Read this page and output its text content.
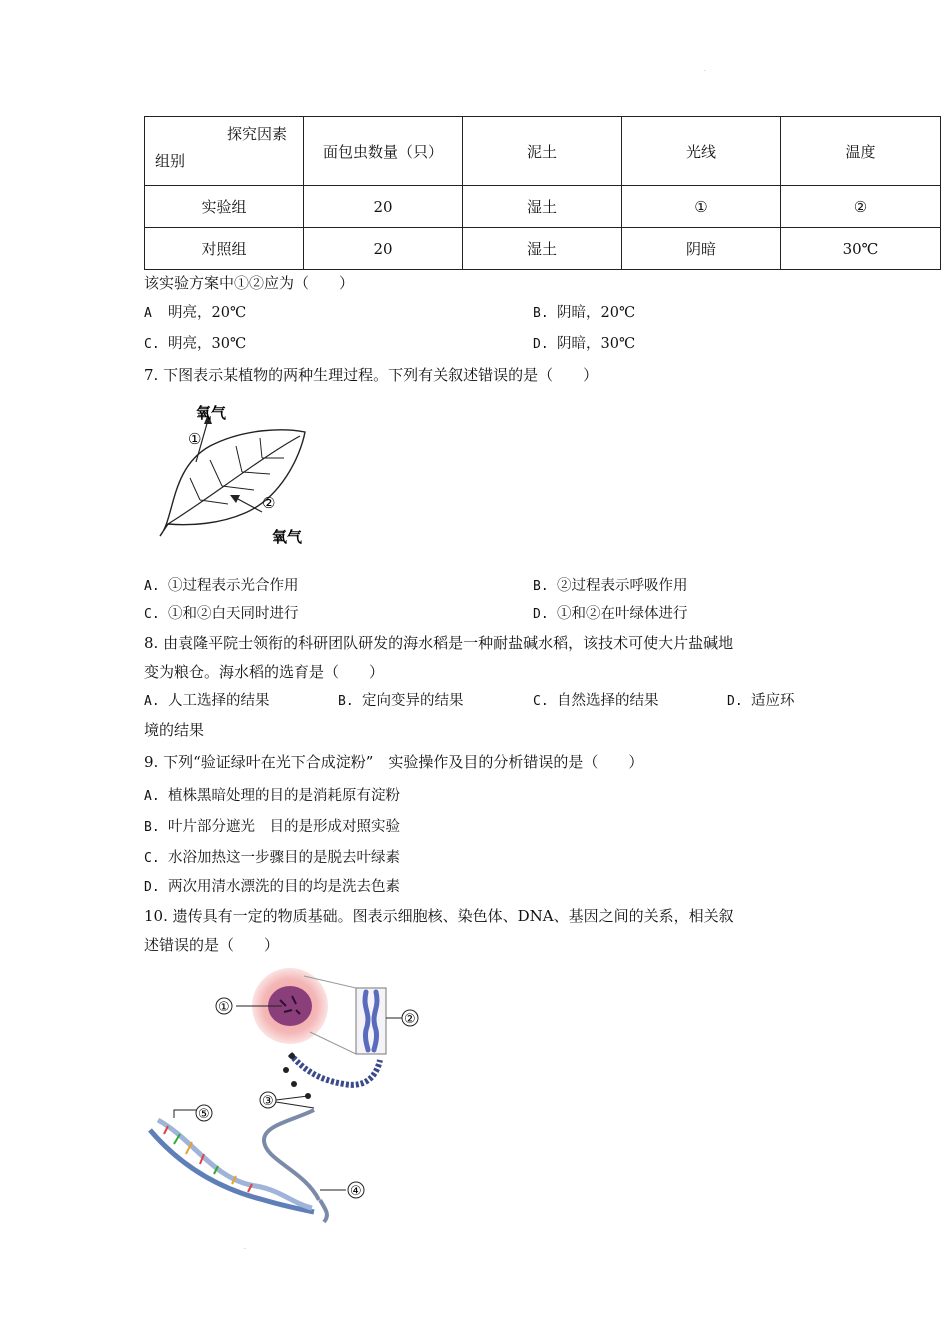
.
探究因素
组别	面包虫数量（只）	泥土	光线	温度
实验组	20	湿土	①	②
对照组	20	湿土	阴暗	30℃
该实验方案中①②应为（　　）
A 明亮，20℃	B. 阴暗，20℃
C. 明亮，30℃	D. 阴暗，30℃
7. 下图表示某植物的两种生理过程。下列有关叙述错误的是（　　）
氧气
①
②
氧气
A. ①过程表示光合作用	B. ②过程表示呼吸作用
C. ①和②白天同时进行	D. ①和②在叶绿体进行
8. 由袁隆平院士领衔的科研团队研发的海水稻是一种耐盐碱水稻，该技术可使大片盐碱地
变为粮仓。海水稻的选育是（　　）
A. 人工选择的结果	B. 定向变异的结果	C. 自然选择的结果	D. 适应环
境的结果
9. 下列“验证绿叶在光下合成淀粉”　实验操作及目的分析错误的是（　　）
A. 植株黑暗处理的目的是消耗原有淀粉
B. 叶片部分遮光　目的是形成对照实验
C. 水浴加热这一步骤目的是脱去叶绿素
D. 两次用清水漂洗的目的均是洗去色素
10. 遗传具有一定的物质基础。图表示细胞核、染色体、DNA、基因之间的关系，相关叙
述错误的是（　　）
①
②
③
④
⑤
.
